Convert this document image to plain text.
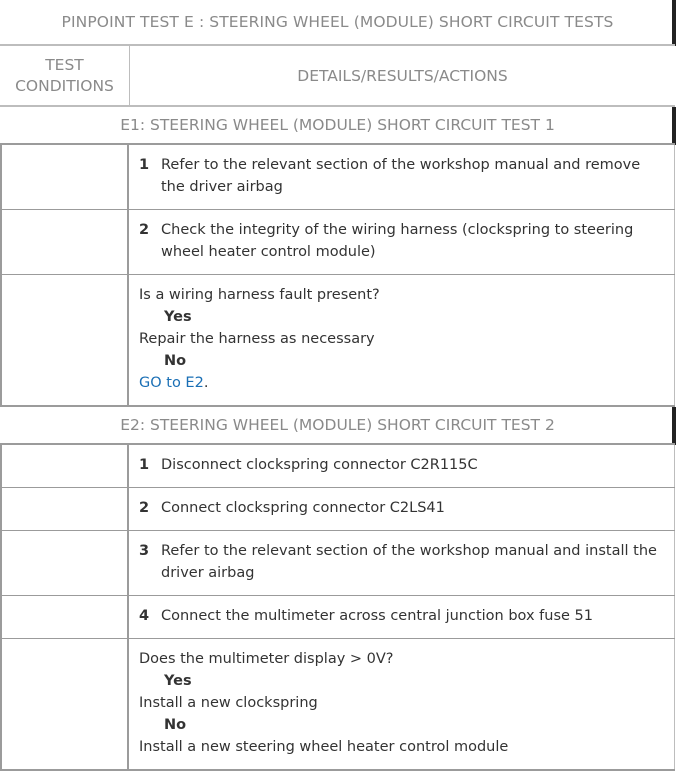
PINPOINT TEST E : STEERING WHEEL (MODULE) SHORT CIRCUIT TESTS
TEST
CONDITIONS
DETAILS/RESULTS/ACTIONS
E1: STEERING WHEEL (MODULE) SHORT CIRCUIT TEST 1
1 Refer to the relevant section of the workshop manual and remove the driver airbag
2 Check the integrity of the wiring harness (clockspring to steering wheel heater control module)
Is a wiring harness fault present?
Yes
Repair the harness as necessary
No
GO to E2.
E2: STEERING WHEEL (MODULE) SHORT CIRCUIT TEST 2
1 Disconnect clockspring connector C2R115C
2 Connect clockspring connector C2LS41
3 Refer to the relevant section of the workshop manual and install the driver airbag
4 Connect the multimeter across central junction box fuse 51
Does the multimeter display > 0V?
Yes
Install a new clockspring
No
Install a new steering wheel heater control module
